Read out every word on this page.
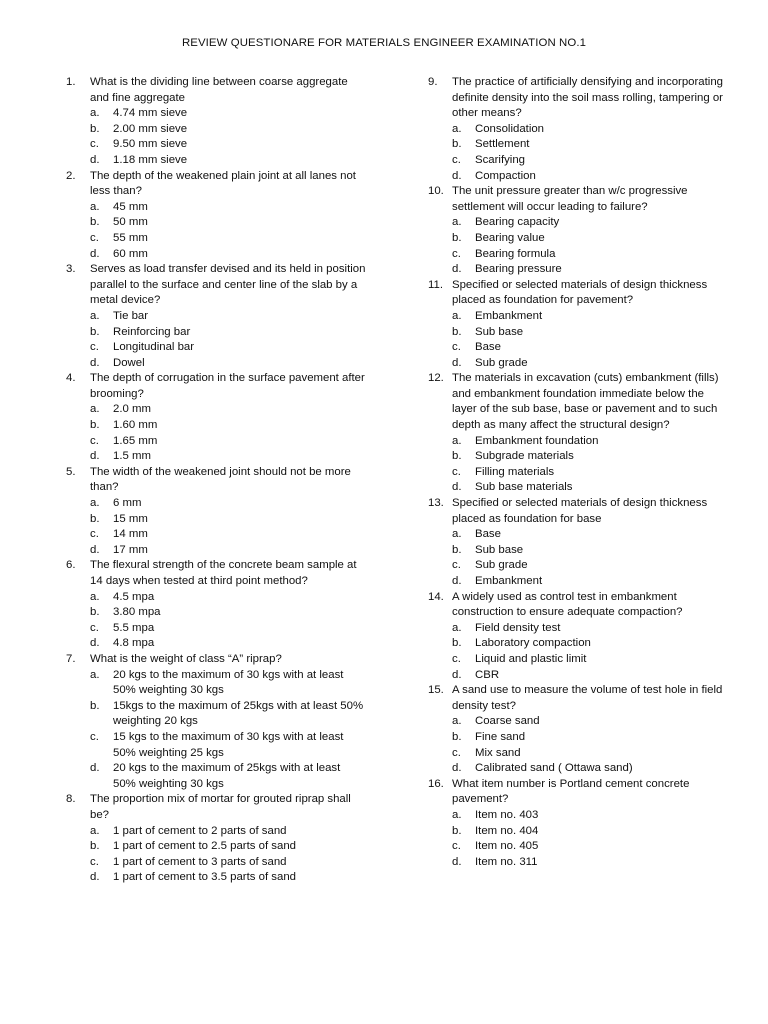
REVIEW QUESTIONARE FOR MATERIALS ENGINEER EXAMINATION NO.1
1.	What is the dividing line between coarse aggregate and fine aggregate
a.	4.74 mm sieve
b.	2.00 mm sieve
c.	9.50 mm sieve
d.	1.18 mm sieve
2.	The depth of the weakened plain joint at all lanes not less than?
a.	45 mm
b.	50 mm
c.	55 mm
d.	60 mm
3.	Serves as load transfer devised and its held in position parallel to the surface and center line of the slab by a metal device?
a.	Tie bar
b.	Reinforcing bar
c.	Longitudinal bar
d.	Dowel
4.	The depth of corrugation in the surface pavement after brooming?
a.	2.0 mm
b.	1.60 mm
c.	1.65 mm
d.	1.5 mm
5.	The width of the weakened joint should not be more than?
a.	6 mm
b.	15 mm
c.	14 mm
d.	17 mm
6.	The flexural strength of the concrete beam sample at 14 days when tested at third point method?
a.	4.5 mpa
b.	3.80 mpa
c.	5.5 mpa
d.	4.8 mpa
7.	What is the weight of class “A” riprap?
a.	20 kgs to the maximum of 30 kgs with at least 50% weighting 30 kgs
b.	15kgs to the maximum of 25kgs with at least 50% weighting 20 kgs
c.	15 kgs to the maximum of 30 kgs with at least 50% weighting 25 kgs
d.	20 kgs to the maximum of 25kgs with at least 50% weighting 30 kgs
8.	The proportion mix of mortar for grouted riprap shall be?
a.	1 part of cement to 2 parts of sand
b.	1 part of cement to 2.5 parts of sand
c.	1 part of cement to 3 parts of sand
d.	1 part of cement to 3.5 parts of sand
9.	The practice of artificially densifying and incorporating definite density into the soil mass rolling, tampering or other means?
a.	Consolidation
b.	Settlement
c.	Scarifying
d.	Compaction
10. The unit pressure greater than w/c progressive settlement will occur leading to failure?
a.	Bearing capacity
b.	Bearing value
c.	Bearing formula
d.	Bearing pressure
11. Specified or selected materials of design thickness placed as foundation for pavement?
a.	Embankment
b.	Sub base
c.	Base
d.	Sub grade
12. The materials in excavation (cuts) embankment (fills) and embankment foundation immediate below the layer of the sub base, base or pavement and to such depth as many affect the structural design?
a.	Embankment foundation
b.	Subgrade materials
c.	Filling materials
d.	Sub base materials
13. Specified or selected materials of design thickness placed as foundation for base
a.	Base
b.	Sub base
c.	Sub grade
d.	Embankment
14. A widely used as control test in embankment construction to ensure adequate compaction?
a.	Field density test
b.	Laboratory compaction
c.	Liquid and plastic limit
d.	CBR
15. A sand use to measure the volume of test hole in field density test?
a.	Coarse sand
b.	Fine sand
c.	Mix sand
d.	Calibrated sand ( Ottawa sand)
16. What item number is Portland cement concrete pavement?
a.	Item no. 403
b.	Item no. 404
c.	Item no. 405
d.	Item no. 311
